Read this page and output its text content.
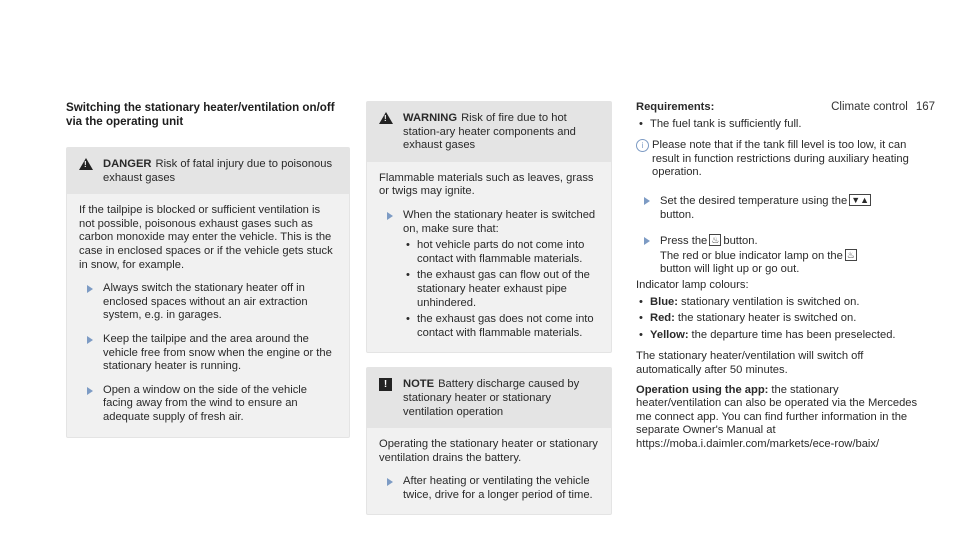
Climate control 167
Switching the stationary heater/ventilation on/off via the operating unit
! DANGER Risk of fatal injury due to poisonous exhaust gases

If the tailpipe is blocked or sufficient ventilation is not possible, poisonous exhaust gases such as carbon monoxide may enter the vehicle. This is the case in enclosed spaces or if the vehicle gets stuck in snow, for example.

Always switch the stationary heater off in enclosed spaces without an air extraction system, e.g. in garages.
Keep the tailpipe and the area around the vehicle free from snow when the engine or the stationary heater is running.
Open a window on the side of the vehicle facing away from the wind to ensure an adequate supply of fresh air.
! WARNING Risk of fire due to hot station-ary heater components and exhaust gases

Flammable materials such as leaves, grass or twigs may ignite.

When the stationary heater is switched on, make sure that:
• hot vehicle parts do not come into contact with flammable materials.
• the exhaust gas can flow out of the stationary heater exhaust pipe unhindered.
• the exhaust gas does not come into contact with flammable materials.
!	NOTE Battery discharge caused by stationary heater or stationary ventilation operation

Operating the stationary heater or stationary ventilation drains the battery.

After heating or ventilating the vehicle twice, drive for a longer period of time.
Requirements:
• The fuel tank is sufficiently full.
i Please note that if the tank fill level is too low, it can result in function restrictions during auxiliary heating operation.
Set the desired temperature using the ▼▲
button.
Press the ♨ button.
The red or blue indicator lamp on the ♨
button will light up or go out.

Indicator lamp colours:

• Blue: stationary ventilation is switched on.
• Red: the stationary heater is switched on.
• Yellow: the departure time has been preselected.

The stationary heater/ventilation will switch off automatically after 50 minutes.

Operation using the app: the stationary heater/ventilation can also be operated via the Mercedes me connect app. You can find further information in the separate Owner's Manual at https://moba.i.daimler.com/markets/ece-row/baix/
